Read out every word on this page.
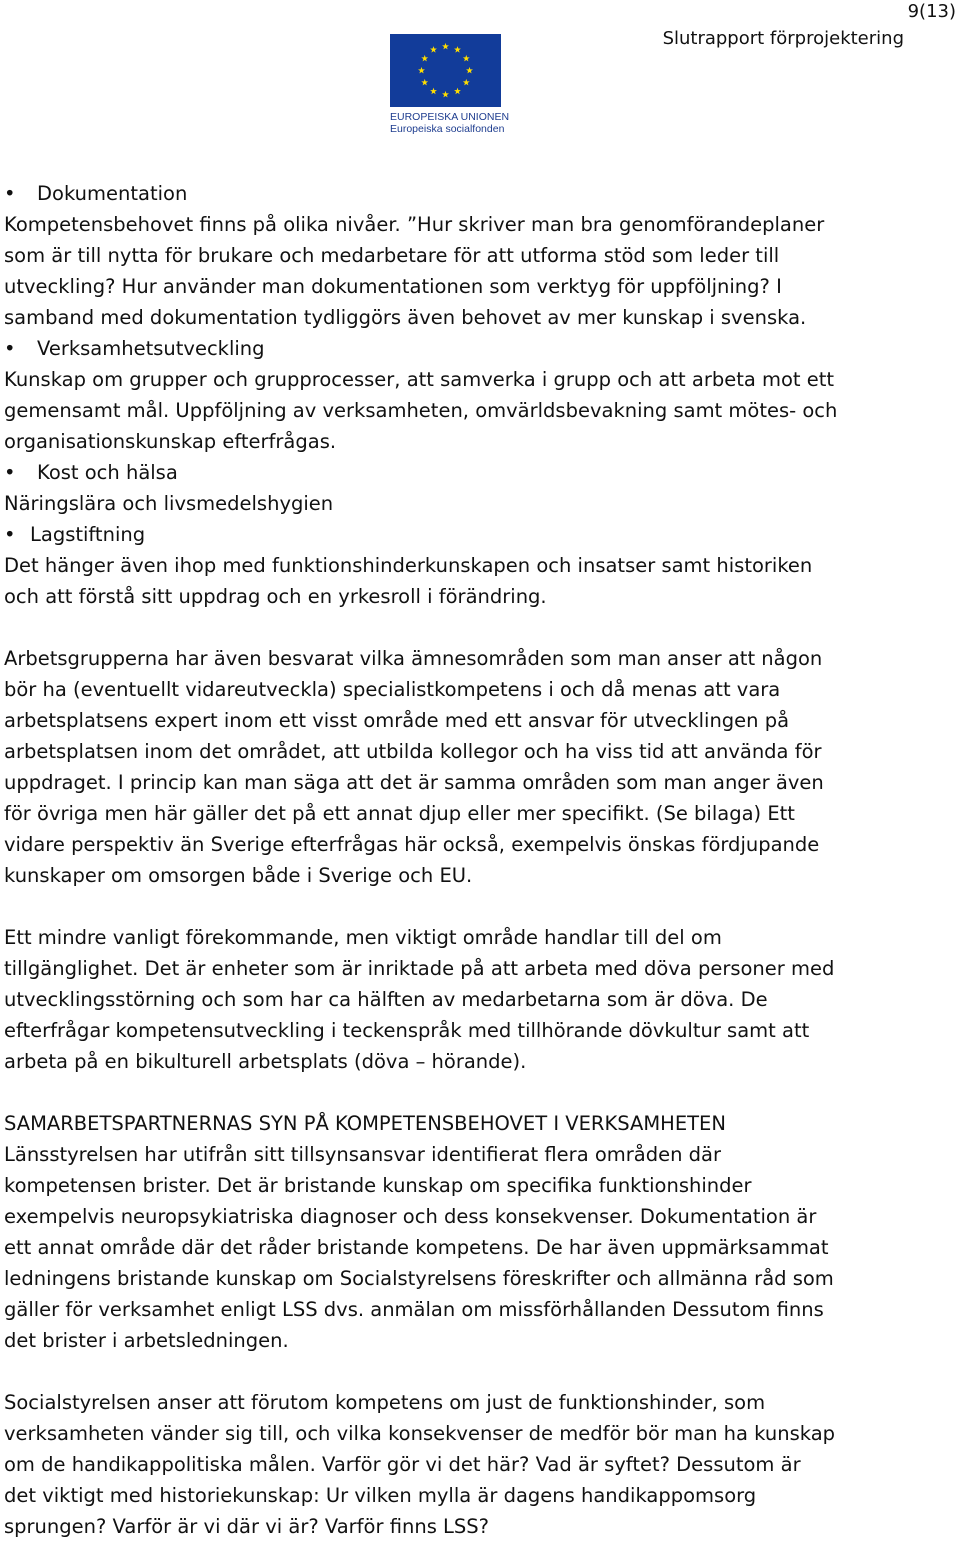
9(13)
Slutrapport förprojektering
EUROPEISKA UNIONEN
Europeiska socialfonden
• Dokumentation
Kompetensbehovet finns på olika nivåer. ”Hur skriver man bra genomförandeplaner
som är till nytta för brukare och medarbetare för att utforma stöd som leder till
utveckling? Hur använder man dokumentationen som verktyg för uppföljning? I
samband med dokumentation tydliggörs även behovet av mer kunskap i svenska.
• Verksamhetsutveckling
Kunskap om grupper och grupprocesser, att samverka i grupp och att arbeta mot ett
gemensamt mål. Uppföljning av verksamheten, omvärldsbevakning samt mötes- och
organisationskunskap efterfrågas.
• Kost och hälsa
Näringslära och livsmedelshygien
• Lagstiftning
Det hänger även ihop med funktionshinderkunskapen och insatser samt historiken
och att förstå sitt uppdrag och en yrkesroll i förändring.
Arbetsgrupperna har även besvarat vilka ämnesområden som man anser att någon
bör ha (eventuellt vidareutveckla) specialistkompetens i och då menas att vara
arbetsplatsens expert inom ett visst område med ett ansvar för utvecklingen på
arbetsplatsen inom det området, att utbilda kollegor och ha viss tid att använda för
uppdraget. I princip kan man säga att det är samma områden som man anger även
för övriga men här gäller det på ett annat djup eller mer specifikt. (Se bilaga) Ett
vidare perspektiv än Sverige efterfrågas här också, exempelvis önskas fördjupande
kunskaper om omsorgen både i Sverige och EU.
Ett mindre vanligt förekommande, men viktigt område handlar till del om
tillgänglighet. Det är enheter som är inriktade på att arbeta med döva personer med
utvecklingsstörning och som har ca hälften av medarbetarna som är döva. De
efterfrågar kompetensutveckling i teckenspråk med tillhörande dövkultur samt att
arbeta på en bikulturell arbetsplats (döva – hörande).
SAMARBETSPARTNERNAS SYN PÅ KOMPETENSBEHOVET I VERKSAMHETEN
Länsstyrelsen har utifrån sitt tillsynsansvar identifierat flera områden där
kompetensen brister. Det är bristande kunskap om specifika funktionshinder
exempelvis neuropsykiatriska diagnoser och dess konsekvenser. Dokumentation är
ett annat område där det råder bristande kompetens. De har även uppmärksammat
ledningens bristande kunskap om Socialstyrelsens föreskrifter och allmänna råd som
gäller för verksamhet enligt LSS dvs. anmälan om missförhållanden Dessutom finns
det brister i arbetsledningen.
Socialstyrelsen anser att förutom kompetens om just de funktionshinder, som
verksamheten vänder sig till, och vilka konsekvenser de medför bör man ha kunskap
om de handikappolitiska målen. Varför gör vi det här? Vad är syftet? Dessutom är
det viktigt med historiekunskap: Ur vilken mylla är dagens handikappomsorg
sprungen? Varför är vi där vi är? Varför finns LSS?
